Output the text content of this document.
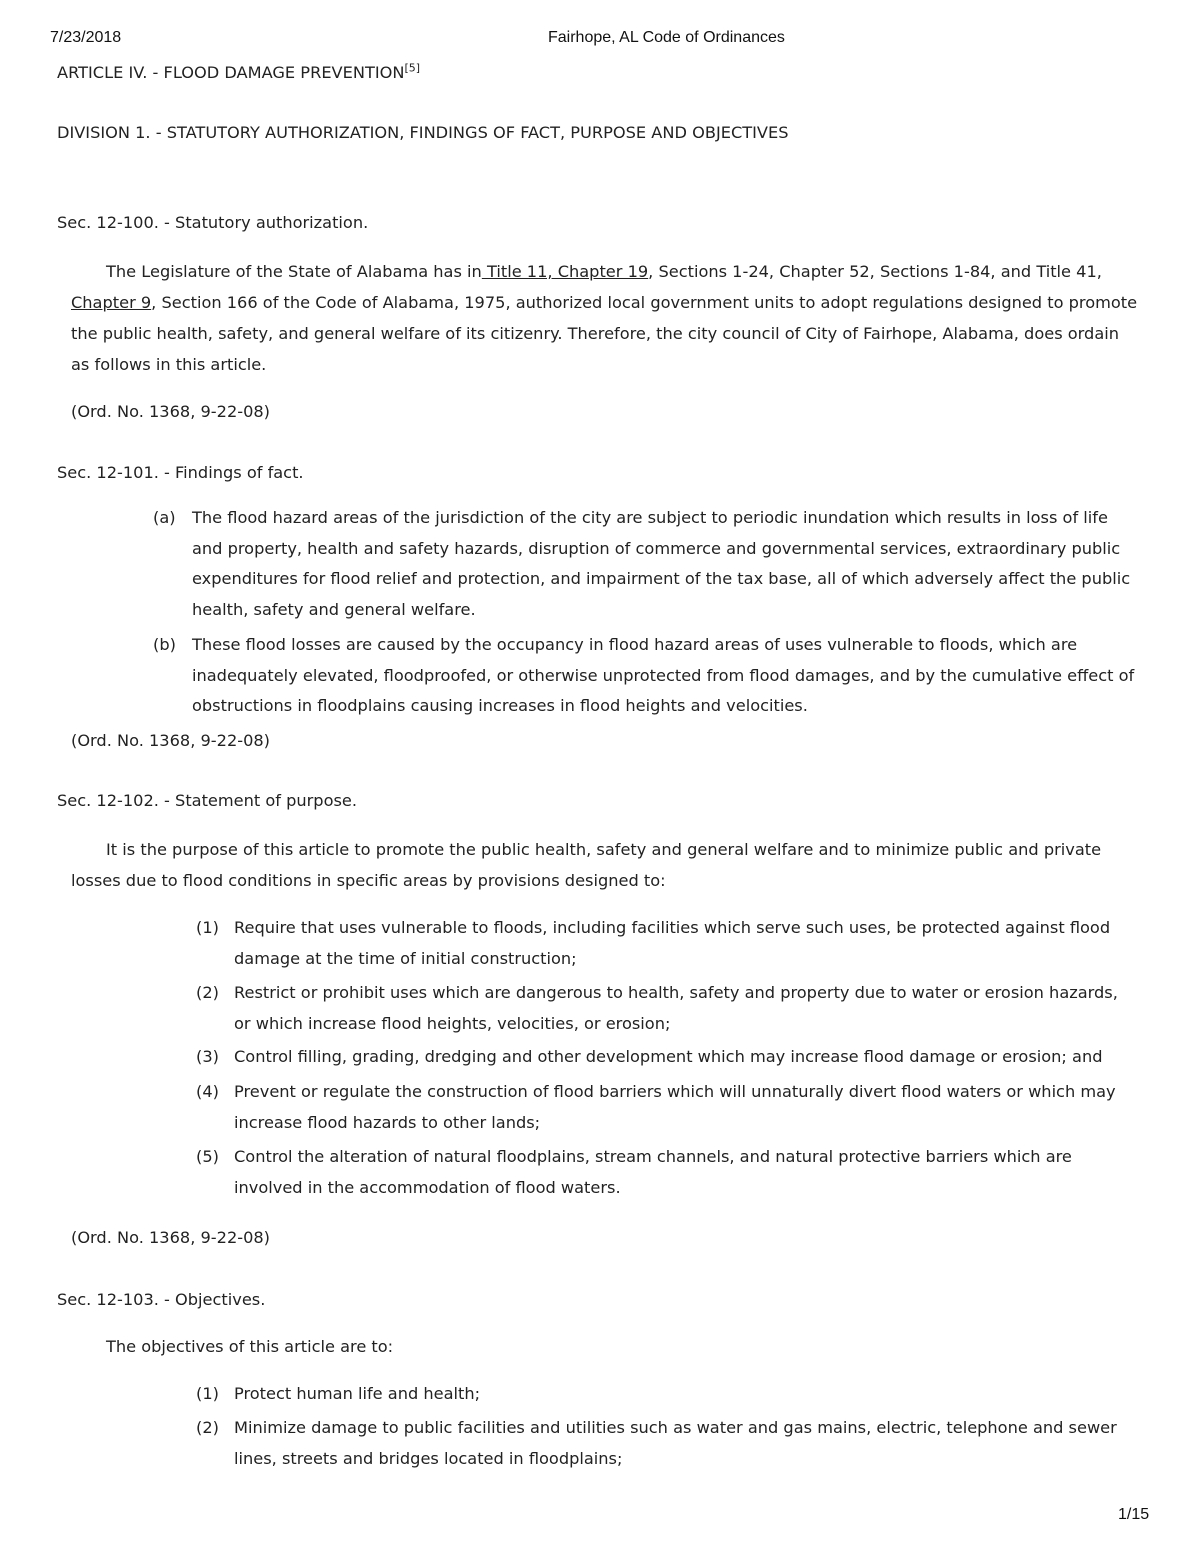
7/23/2018	Fairhope, AL Code of Ordinances
ARTICLE IV. - FLOOD DAMAGE PREVENTION[5]
DIVISION 1. - STATUTORY AUTHORIZATION, FINDINGS OF FACT, PURPOSE AND OBJECTIVES
Sec. 12-100. - Statutory authorization.
The Legislature of the State of Alabama has in Title 11, Chapter 19, Sections 1-24, Chapter 52, Sections 1-84, and Title 41,
Chapter 9, Section 166 of the Code of Alabama, 1975, authorized local government units to adopt regulations designed to promote
the public health, safety, and general welfare of its citizenry. Therefore, the city council of City of Fairhope, Alabama, does ordain
as follows in this article.
(Ord. No. 1368, 9-22-08)
Sec. 12-101. - Findings of fact.
(a) The flood hazard areas of the jurisdiction of the city are subject to periodic inundation which results in loss of life
and property, health and safety hazards, disruption of commerce and governmental services, extraordinary public
expenditures for flood relief and protection, and impairment of the tax base, all of which adversely affect the public
health, safety and general welfare.
(b) These flood losses are caused by the occupancy in flood hazard areas of uses vulnerable to floods, which are
inadequately elevated, floodproofed, or otherwise unprotected from flood damages, and by the cumulative effect of
obstructions in floodplains causing increases in flood heights and velocities.
(Ord. No. 1368, 9-22-08)
Sec. 12-102. - Statement of purpose.
It is the purpose of this article to promote the public health, safety and general welfare and to minimize public and private
losses due to flood conditions in specific areas by provisions designed to:
(1) Require that uses vulnerable to floods, including facilities which serve such uses, be protected against flood
damage at the time of initial construction;
(2) Restrict or prohibit uses which are dangerous to health, safety and property due to water or erosion hazards,
or which increase flood heights, velocities, or erosion;
(3) Control filling, grading, dredging and other development which may increase flood damage or erosion; and
(4) Prevent or regulate the construction of flood barriers which will unnaturally divert flood waters or which may
increase flood hazards to other lands;
(5) Control the alteration of natural floodplains, stream channels, and natural protective barriers which are
involved in the accommodation of flood waters.
(Ord. No. 1368, 9-22-08)
Sec. 12-103. - Objectives.
The objectives of this article are to:
(1) Protect human life and health;
(2) Minimize damage to public facilities and utilities such as water and gas mains, electric, telephone and sewer
lines, streets and bridges located in floodplains;
1/15
